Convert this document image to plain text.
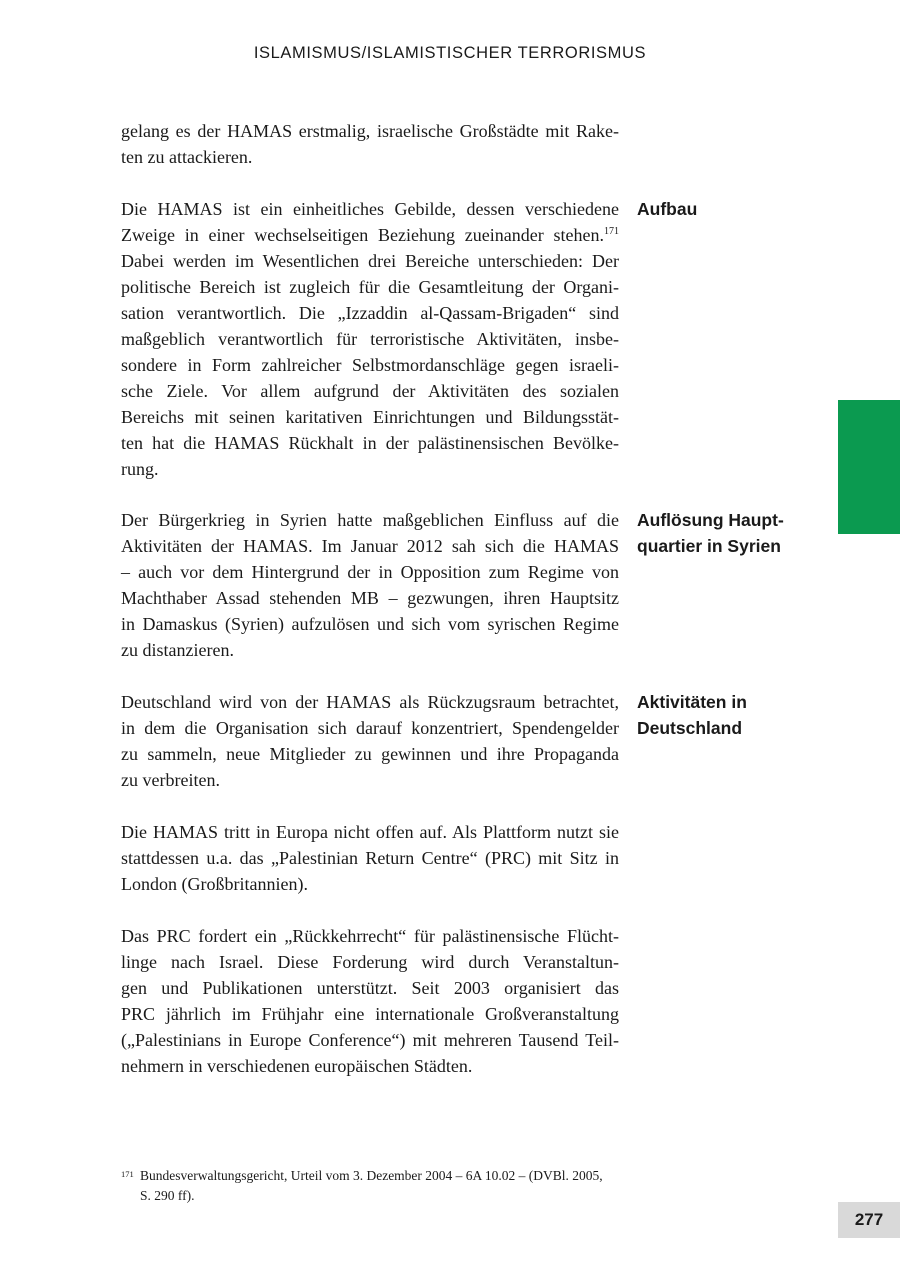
ISLAMISMUS/ISLAMISTISCHER TERRORISMUS

gelang es der HAMAS erstmalig, israelische Großstädte mit Rake-
ten zu attackieren.

Die HAMAS ist ein einheitliches Gebilde, dessen verschiedene
Zweige in einer wechselseitigen Beziehung zueinander stehen.$^{171}$
Dabei werden im Wesentlichen drei Bereiche unterschieden: Der
politische Bereich ist zugleich für die Gesamtleitung der Organi-
sation verantwortlich. Die „Izzaddin al-Qassam-Brigaden“ sind
maßgeblich verantwortlich für terroristische Aktivitäten, insbe-
sondere in Form zahlreicher Selbstmordanschläge gegen israeli-
sche Ziele. Vor allem aufgrund der Aktivitäten des sozialen
Bereichs mit seinen karitativen Einrichtungen und Bildungsstät-
ten hat die HAMAS Rückhalt in der palästinensischen Bevölke-
rung.

Der Bürgerkrieg in Syrien hatte maßgeblichen Einfluss auf die
Aktivitäten der HAMAS. Im Januar 2012 sah sich die HAMAS
– auch vor dem Hintergrund der in Opposition zum Regime von
Machthaber Assad stehenden MB – gezwungen, ihren Hauptsitz
in Damaskus (Syrien) aufzulösen und sich vom syrischen Regime
zu distanzieren.

Deutschland wird von der HAMAS als Rückzugsraum betrachtet,
in dem die Organisation sich darauf konzentriert, Spendengelder
zu sammeln, neue Mitglieder zu gewinnen und ihre Propaganda
zu verbreiten.

Die HAMAS tritt in Europa nicht offen auf. Als Plattform nutzt sie
stattdessen u.a. das „Palestinian Return Centre“ (PRC) mit Sitz in
London (Großbritannien).

Das PRC fordert ein „Rückkehrrecht“ für palästinensische Flücht-
linge nach Israel. Diese Forderung wird durch Veranstaltun-
gen und Publikationen unterstützt. Seit 2003 organisiert das
PRC jährlich im Frühjahr eine internationale Großveranstaltung
(„Palestinians in Europe Conference“) mit mehreren Tausend Teil-
nehmern in verschiedenen europäischen Städten.

Aufbau
Auflösung Haupt-
quartier in Syrien
Aktivitäten in
Deutschland
171 Bundesverwaltungsgericht, Urteil vom 3. Dezember 2004 – 6A 10.02 – (DVBl. 2005,
S. 290 ff).
277
